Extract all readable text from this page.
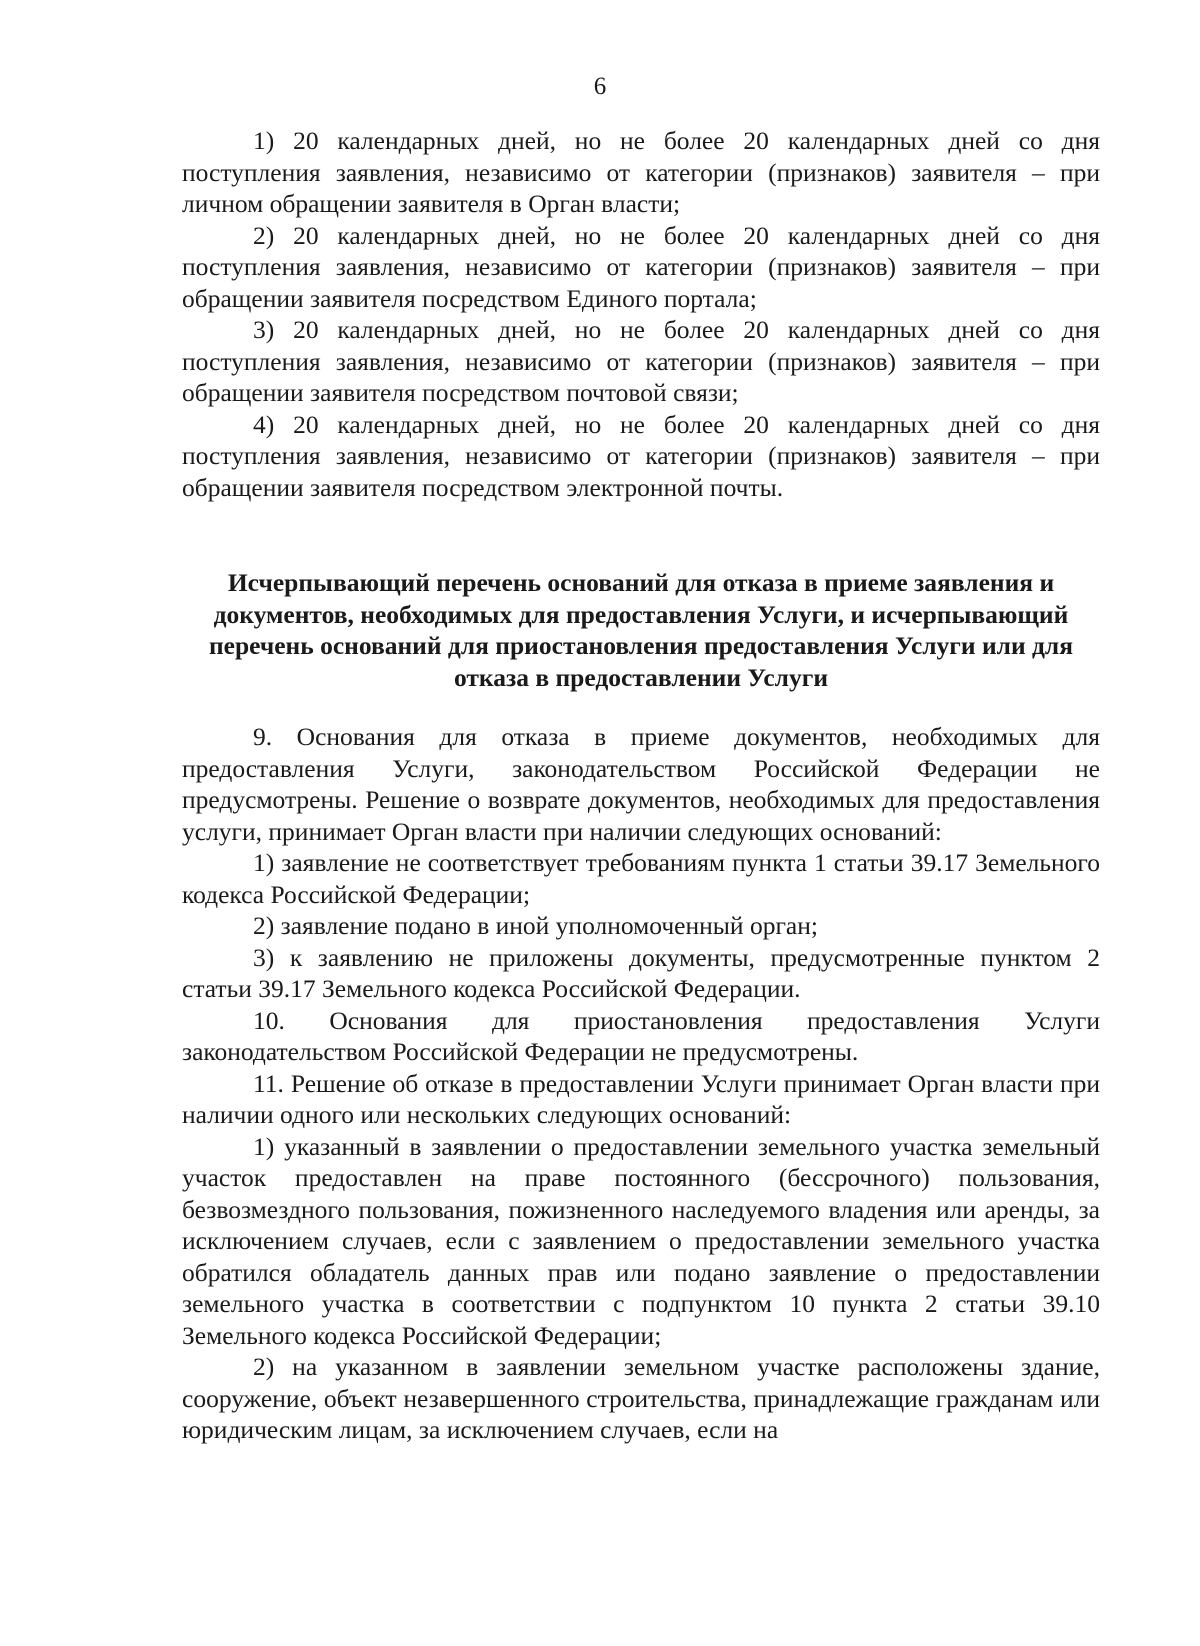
6

1) 20 календарных дней, но не более 20 календарных дней со дня поступления заявления, независимо от категории (признаков) заявителя – при личном обращении заявителя в Орган власти;

2) 20 календарных дней, но не более 20 календарных дней со дня поступления заявления, независимо от категории (признаков) заявителя – при обращении заявителя посредством Единого портала;

3) 20 календарных дней, но не более 20 календарных дней со дня поступления заявления, независимо от категории (признаков) заявителя – при обращении заявителя посредством почтовой связи;

4) 20 календарных дней, но не более 20 календарных дней со дня поступления заявления, независимо от категории (признаков) заявителя – при обращении заявителя посредством электронной почты.

Исчерпывающий перечень оснований для отказа в приеме заявления и документов, необходимых для предоставления Услуги, и исчерпывающий перечень оснований для приостановления предоставления Услуги или для отказа в предоставлении Услуги

9. Основания для отказа в приеме документов, необходимых для предоставления Услуги, законодательством Российской Федерации не предусмотрены. Решение о возврате документов, необходимых для предоставления услуги, принимает Орган власти при наличии следующих оснований:

1) заявление не соответствует требованиям пункта 1 статьи 39.17 Земельного кодекса Российской Федерации;

2) заявление подано в иной уполномоченный орган;

3) к заявлению не приложены документы, предусмотренные пунктом 2 статьи 39.17 Земельного кодекса Российской Федерации.

10. Основания для приостановления предоставления Услуги законодательством Российской Федерации не предусмотрены.

11. Решение об отказе в предоставлении Услуги принимает Орган власти при наличии одного или нескольких следующих оснований:

1) указанный в заявлении о предоставлении земельного участка земельный участок предоставлен на праве постоянного (бессрочного) пользования, безвозмездного пользования, пожизненного наследуемого владения или аренды, за исключением случаев, если с заявлением о предоставлении земельного участка обратился обладатель данных прав или подано заявление о предоставлении земельного участка в соответствии с подпунктом 10 пункта 2 статьи 39.10 Земельного кодекса Российской Федерации;

2) на указанном в заявлении земельном участке расположены здание, сооружение, объект незавершенного строительства, принадлежащие гражданам или юридическим лицам, за исключением случаев, если на
